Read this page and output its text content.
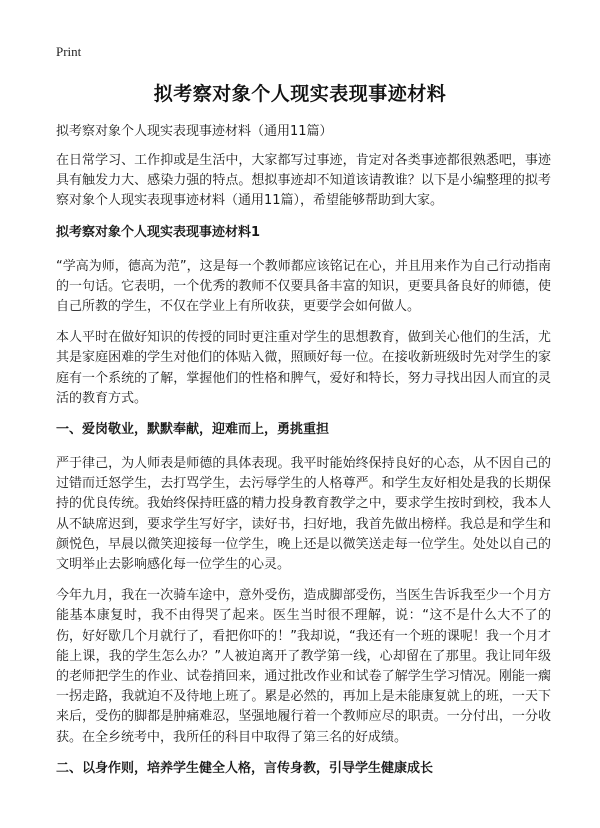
Print
拟考察对象个人现实表现事迹材料
拟考察对象个人现实表现事迹材料（通用11篇）

在日常学习、工作抑或是生活中，大家都写过事迹，肯定对各类事迹都很熟悉吧，事迹具有触发力大、感染力强的特点。想拟事迹却不知道该请教谁？以下是小编整理的拟考察对象个人现实表现事迹材料（通用11篇），希望能够帮助到大家。

拟考察对象个人现实表现事迹材料1

“学高为师，德高为范”，这是每一个教师都应该铭记在心，并且用来作为自己行动指南的一句话。它表明，一个优秀的教师不仅要具备丰富的知识，更要具备良好的师德，使自己所教的学生，不仅在学业上有所收获，更要学会如何做人。

本人平时在做好知识的传授的同时更注重对学生的思想教育，做到关心他们的生活，尤其是家庭困难的学生对他们的体贴入微，照顾好每一位。在接收新班级时先对学生的家庭有一个系统的了解，掌握他们的性格和脾气，爱好和特长，努力寻找出因人而宜的灵活的教育方式。

一、爱岗敬业，默默奉献，迎难而上，勇挑重担

严于律己，为人师表是师德的具体表现。我平时能始终保持良好的心态，从不因自己的过错而迁怒学生，去打骂学生，去污辱学生的人格尊严。和学生友好相处是我的长期保持的优良传统。我始终保持旺盛的精力投身教育教学之中，要求学生按时到校，我本人从不缺席迟到，要求学生写好字，读好书，扫好地，我首先做出榜样。我总是和学生和颜悦色，早晨以微笑迎接每一位学生，晚上还是以微笑送走每一位学生。处处以自己的文明举止去影响感化每一位学生的心灵。

今年九月，我在一次骑车途中，意外受伤，造成脚部受伤，当医生告诉我至少一个月方能基本康复时，我不由得哭了起来。医生当时很不理解，说：“这不是什么大不了的伤，好好歇几个月就行了，看把你吓的！”我却说，“我还有一个班的课呢！我一个月才能上课，我的学生怎么办？”人被迫离开了教学第一线，心却留在了那里。我让同年级的老师把学生的作业、试卷捎回来，通过批改作业和试卷了解学生学习情况。刚能一瘸一拐走路，我就迫不及待地上班了。累是必然的，再加上是未能康复就上的班，一天下来后，受伤的脚都是肿痛难忍，坚强地履行着一个教师应尽的职责。一分付出，一分收获。在全乡统考中，我所任的科目中取得了第三名的好成绩。

二、以身作则，培养学生健全人格，言传身教，引导学生健康成长
